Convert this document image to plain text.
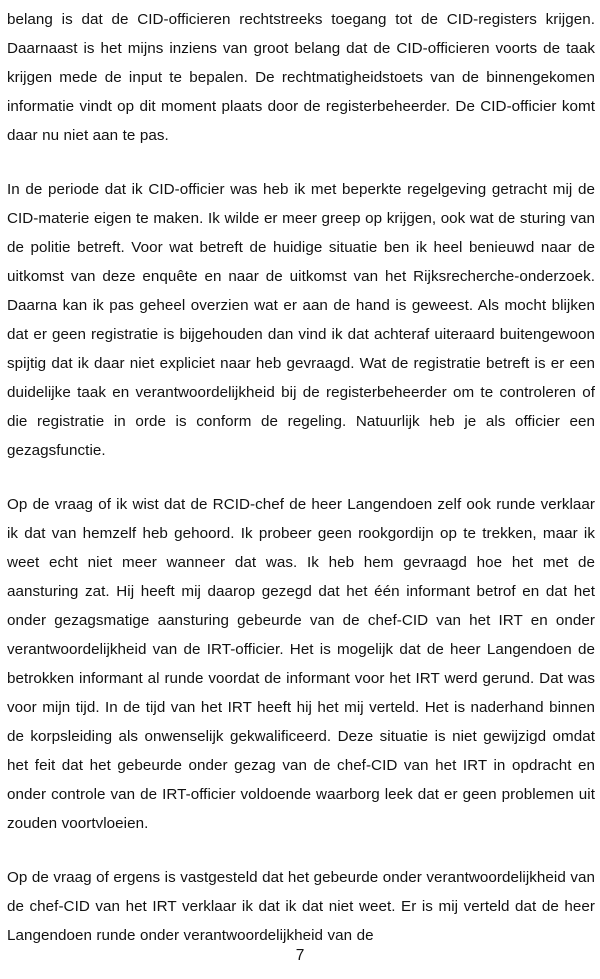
belang is dat de CID-officieren rechtstreeks toegang tot de CID-registers krijgen. Daarnaast is het mijns inziens van groot belang dat de CID-officieren voorts de taak krijgen mede de input te bepalen. De rechtmatigheidstoets van de binnengekomen informatie vindt op dit moment plaats door de registerbeheerder. De CID-officier komt daar nu niet aan te pas.

In de periode dat ik CID-officier was heb ik met beperkte regelgeving getracht mij de CID-materie eigen te maken. Ik wilde er meer greep op krijgen, ook wat de sturing van de politie betreft. Voor wat betreft de huidige situatie ben ik heel benieuwd naar de uitkomst van deze enquête en naar de uitkomst van het Rijksrecherche-onderzoek. Daarna kan ik pas geheel overzien wat er aan de hand is geweest. Als mocht blijken dat er geen registratie is bijgehouden dan vind ik dat achteraf uiteraard buitengewoon spijtig dat ik daar niet expliciet naar heb gevraagd. Wat de registratie betreft is er een duidelijke taak en verantwoordelijkheid bij de registerbeheerder om te controleren of die registratie in orde is conform de regeling. Natuurlijk heb je als officier een gezagsfunctie.

Op de vraag of ik wist dat de RCID-chef de heer Langendoen zelf ook runde verklaar ik dat van hemzelf heb gehoord. Ik probeer geen rookgordijn op te trekken, maar ik weet echt niet meer wanneer dat was. Ik heb hem gevraagd hoe het met de aansturing zat. Hij heeft mij daarop gezegd dat het één informant betrof en dat het onder gezagsmatige aansturing gebeurde van de chef-CID van het IRT en onder verantwoordelijkheid van de IRT-officier. Het is mogelijk dat de heer Langendoen de betrokken informant al runde voordat de informant voor het IRT werd gerund. Dat was voor mijn tijd. In de tijd van het IRT heeft hij het mij verteld. Het is naderhand binnen de korpsleiding als onwenselijk gekwalificeerd. Deze situatie is niet gewijzigd omdat het feit dat het gebeurde onder gezag van de chef-CID van het IRT in opdracht en onder controle van de IRT-officier voldoende waarborg leek dat er geen problemen uit zouden voortvloeien.

Op de vraag of ergens is vastgesteld dat het gebeurde onder verantwoordelijkheid van de chef-CID van het IRT verklaar ik dat ik dat niet weet. Er is mij verteld dat de heer Langendoen runde onder verantwoordelijkheid van de

7
